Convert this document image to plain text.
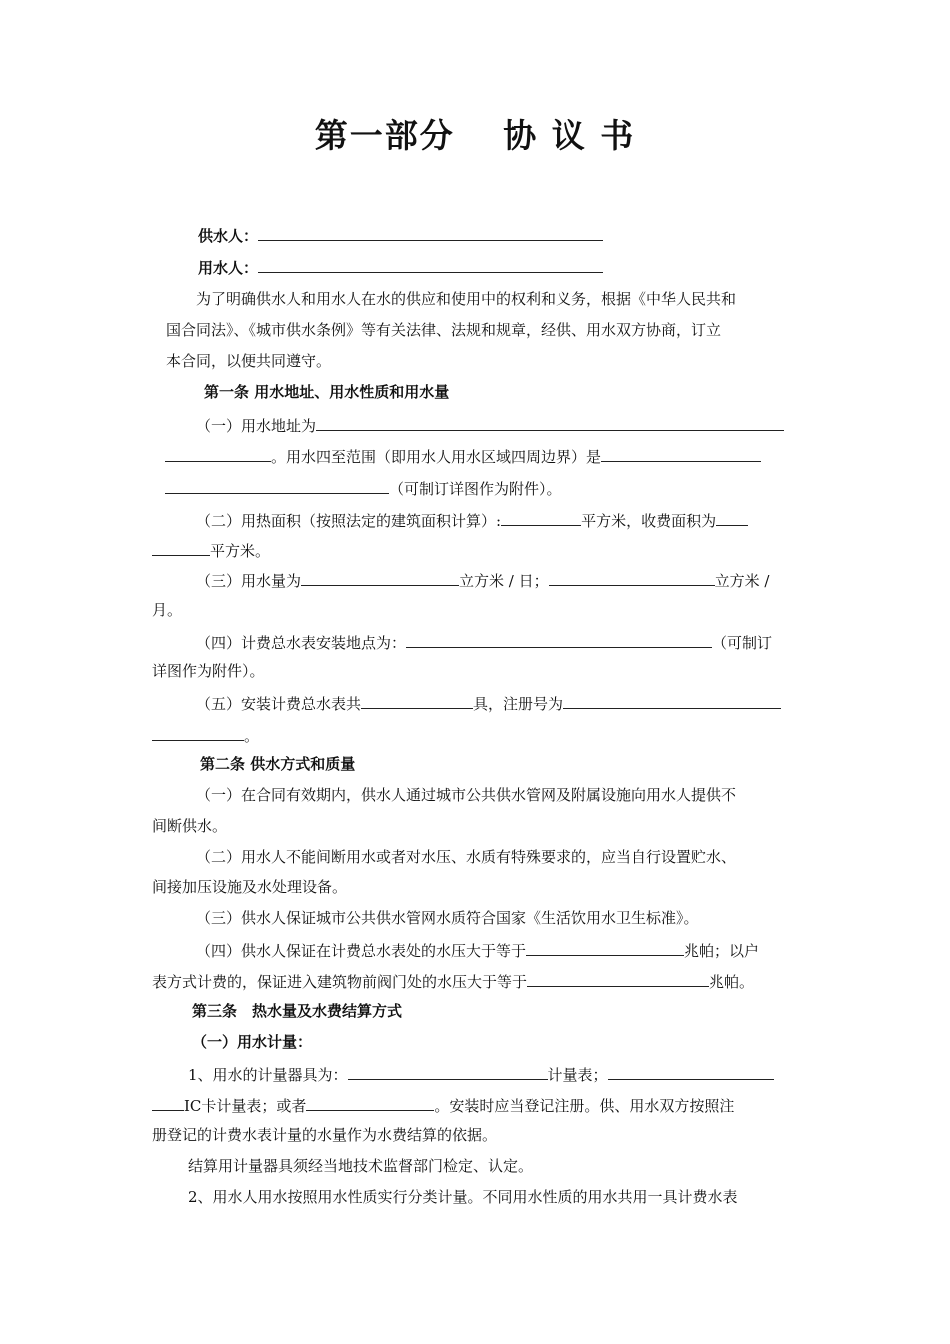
第一部分　 协 议 书
供水人：
用水人：
为了明确供水人和用水人在水的供应和使用中的权利和义务，根据《中华人民共和
国合同法》、《城市供水条例》等有关法律、法规和规章，经供、用水双方协商，订立
本合同，以便共同遵守。
第一条 用水地址、用水性质和用水量
（一）用水地址为
。用水四至范围（即用水人用水区域四周边界）是
（可制订详图作为附件）。
（二）用热面积（按照法定的建筑面积计算）:	平方米，收费面积为
平方米。
（三）用水量为	立方米 / 日；	立方米 /
月。
（四）计费总水表安装地点为：	（可制订
详图作为附件）。
（五）安装计费总水表共	具，注册号为
。
第二条 供水方式和质量
（一）在合同有效期内，供水人通过城市公共供水管网及附属设施向用水人提供不
间断供水。
（二）用水人不能间断用水或者对水压、水质有特殊要求的，应当自行设置贮水、
间接加压设施及水处理设备。
（三）供水人保证城市公共供水管网水质符合国家《生活饮用水卫生标准》。
（四）供水人保证在计费总水表处的水压大于等于	兆帕；以户
表方式计费的，保证进入建筑物前阀门处的水压大于等于	兆帕。
第三条　热水量及水费结算方式
（一）用水计量：
1、用水的计量器具为：	计量表；
IC卡计量表；或者	。安装时应当登记注册。供、用水双方按照注
册登记的计费水表计量的水量作为水费结算的依据。
结算用计量器具须经当地技术监督部门检定、认定。
2、用水人用水按照用水性质实行分类计量。不同用水性质的用水共用一具计费水表
